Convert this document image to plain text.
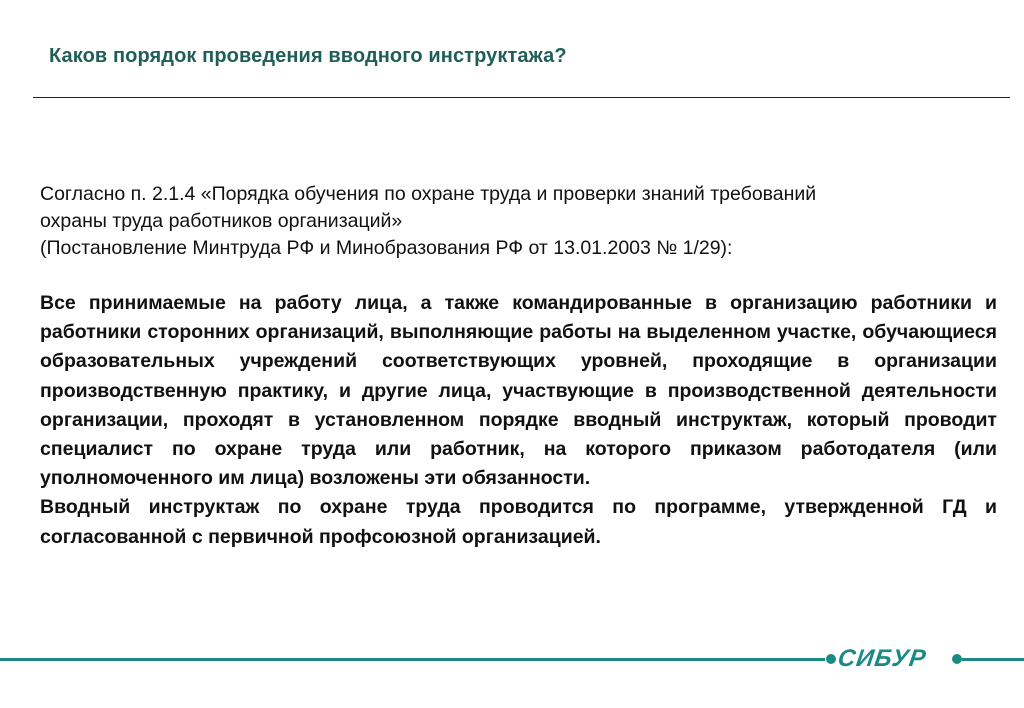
Каков порядок проведения вводного инструктажа?
Согласно п. 2.1.4 «Порядка обучения по охране труда и проверки знаний требований
охраны труда работников организаций»
(Постановление Минтруда РФ и Минобразования РФ от 13.01.2003 № 1/29):

Все принимаемые на работу лица, а также командированные в организацию работники и работники сторонних организаций, выполняющие работы на выделенном участке, обучающиеся образовательных учреждений соответствующих уровней, проходящие в организации производственную практику, и другие лица, участвующие в производственной деятельности организации, проходят в установленном порядке вводный инструктаж, который проводит специалист по охране труда или работник, на которого приказом работодателя (или уполномоченного им лица) возложены эти обязанности.

Вводный инструктаж по охране труда проводится по программе, утвержденной ГД и согласованной с первичной профсоюзной организацией.

СИБУР
